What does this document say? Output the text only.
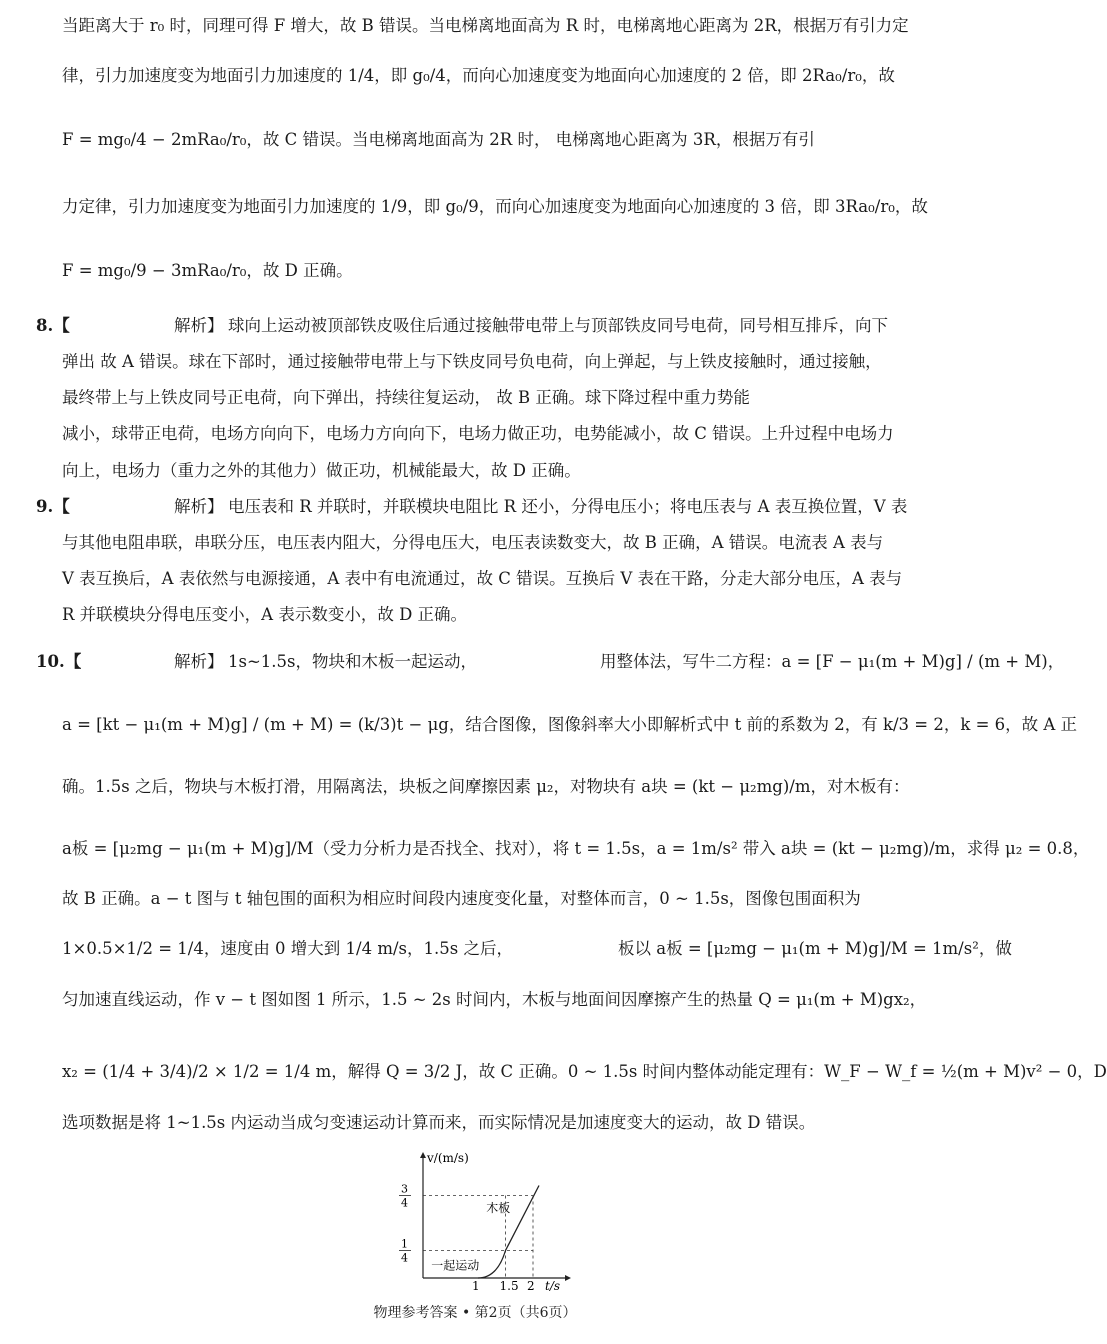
当距离大于 r₀ 时，同理可得 F 增大，故 B 错误。当电梯离地面高为 R 时，电梯离地心距离为 2R，根据万有引力定
律，引力加速度变为地面引力加速度的 1/4，即 g₀/4，而向心加速度变为地面向心加速度的 2 倍，即 2Ra₀/r₀，故
F = mg₀/4 − 2mRa₀/r₀，故 C 错误。当电梯离地面高为 2R 时， 电梯离地心距离为 3R，根据万有引
力定律，引力加速度变为地面引力加速度的 1/9，即 g₀/9，而向心加速度变为地面向心加速度的 3 倍，即 3Ra₀/r₀，故
F = mg₀/9 − 3mRa₀/r₀，故 D 正确。
8.【	解析】 球向上运动被顶部铁皮吸住后通过接触带电带上与顶部铁皮同号电荷，同号相互排斥，向下
弹出 故 A 错误。球在下部时，通过接触带电带上与下铁皮同号负电荷，向上弹起，与上铁皮接触时，通过接触，
最终带上与上铁皮同号正电荷，向下弹出，持续往复运动， 故 B 正确。球下降过程中重力势能
减小，球带正电荷，电场方向向下，电场力方向向下，电场力做正功，电势能减小，故 C 错误。上升过程中电场力
向上，电场力（重力之外的其他力）做正功，机械能最大，故 D 正确。
9.【	解析】 电压表和 R 并联时，并联模块电阻比 R 还小，分得电压小；将电压表与 A 表互换位置，V 表
与其他电阻串联，串联分压，电压表内阻大，分得电压大，电压表读数变大，故 B 正确，A 错误。电流表 A 表与
V 表互换后，A 表依然与电源接通，A 表中有电流通过，故 C 错误。互换后 V 表在干路，分走大部分电压，A 表与
R 并联模块分得电压变小，A 表示数变小，故 D 正确。
10.【	解析】 1s~1.5s，物块和木板一起运动，	用整体法，写牛二方程：a = [F − μ₁(m + M)g] / (m + M)，
a = [kt − μ₁(m + M)g] / (m + M) = (k/3)t − μg，结合图像，图像斜率大小即解析式中 t 前的系数为 2，有 k/3 = 2，k = 6，故 A 正
确。1.5s 之后，物块与木板打滑，用隔离法，块板之间摩擦因素 μ₂，对物块有 a块 = (kt − μ₂mg)/m，对木板有：
a板 = [μ₂mg − μ₁(m + M)g]/M（受力分析力是否找全、找对），将 t = 1.5s，a = 1m/s² 带入 a块 = (kt − μ₂mg)/m，求得 μ₂ = 0.8，
故 B 正确。a − t 图与 t 轴包围的面积为相应时间段内速度变化量，对整体而言，0 ~ 1.5s，图像包围面积为
1×0.5×1/2 = 1/4，速度由 0 增大到 1/4 m/s，1.5s 之后，	板以 a板 = [μ₂mg − μ₁(m + M)g]/M = 1m/s²，做
匀加速直线运动，作 v − t 图如图 1 所示，1.5 ~ 2s 时间内，木板与地面间因摩擦产生的热量 Q = μ₁(m + M)gx₂，
x₂ = (1/4 + 3/4)/2 × 1/2 = 1/4 m，解得 Q = 3/2 J，故 C 正确。0 ~ 1.5s 时间内整体动能定理有：W_F − W_f = ½(m + M)v² − 0，D
选项数据是将 1~1.5s 内运动当成匀变速运动计算而来，而实际情况是加速度变大的运动，故 D 错误。
v/(m/s)
t/s
1 1.5 2
3
4
1
4
木板
一起运动
物理参考答案 • 第2页（共6页）
